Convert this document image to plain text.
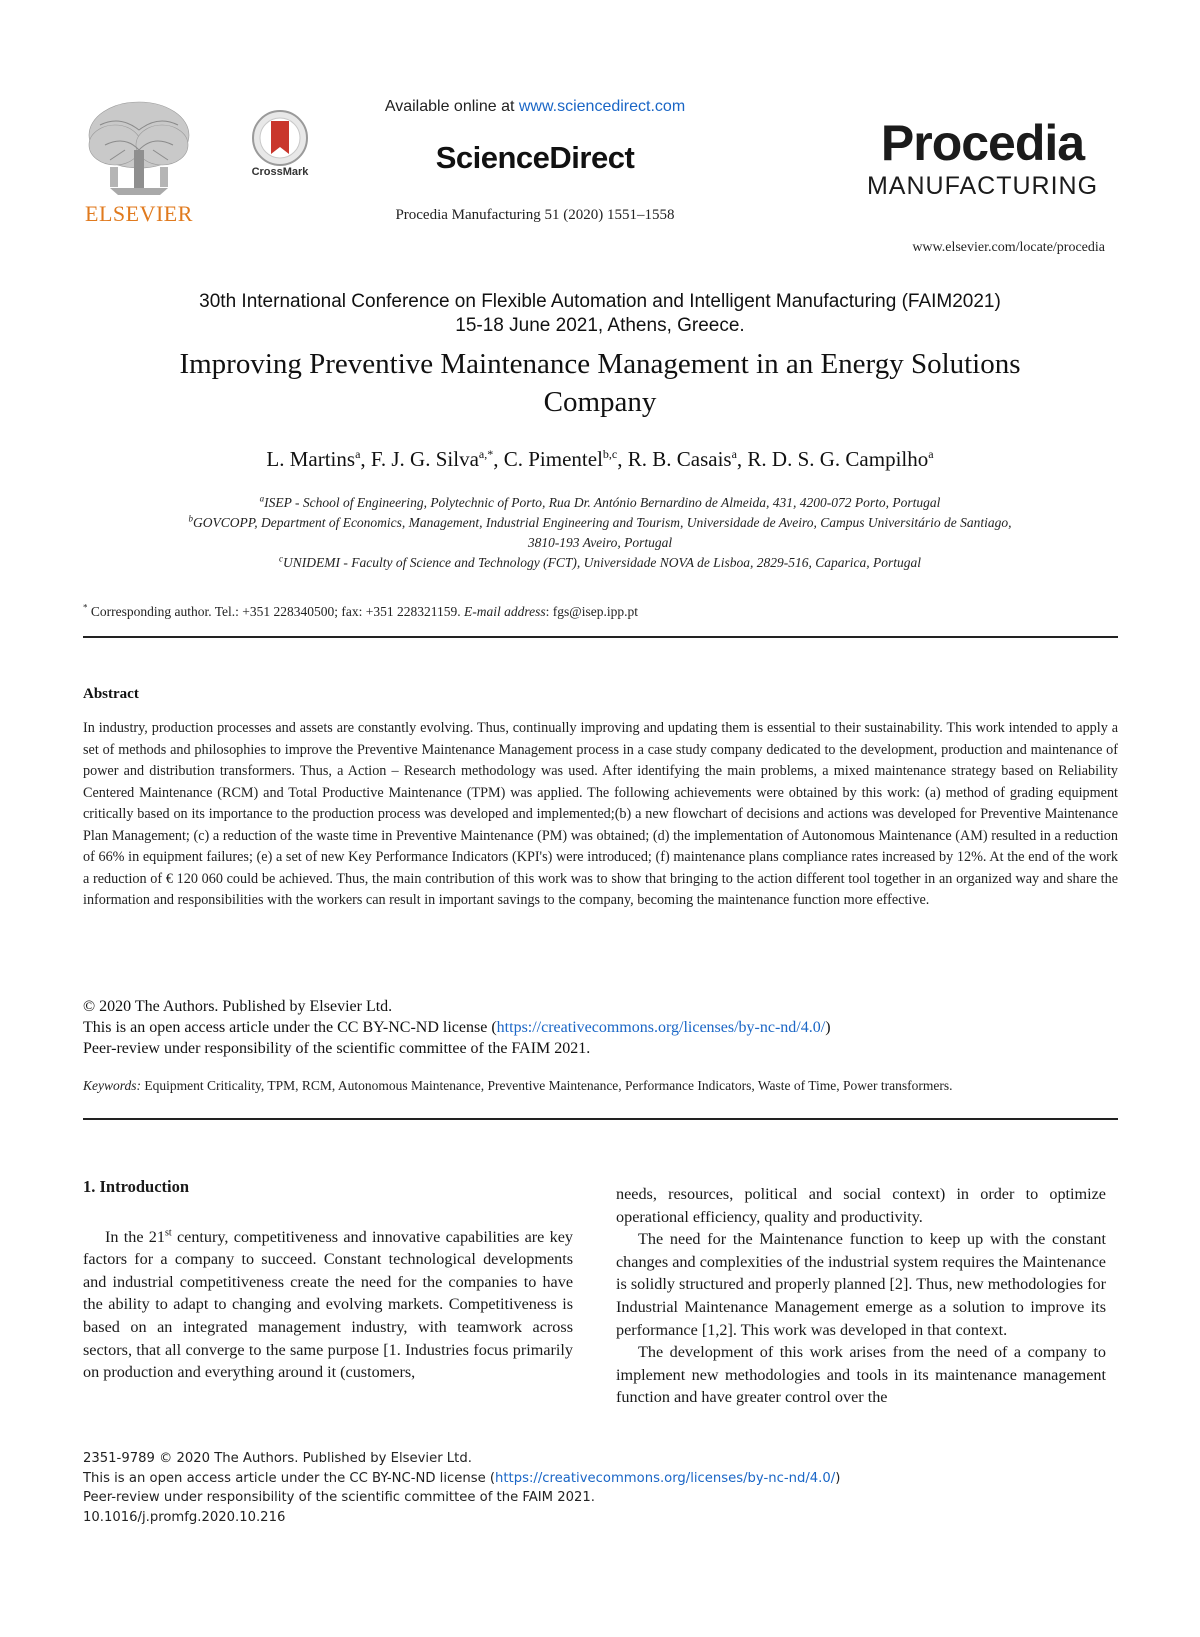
ELSEVIER
CrossMark
Available online at www.sciencedirect.com
ScienceDirect
Procedia Manufacturing 51 (2020) 1551–1558
Procedia
MANUFACTURING
www.elsevier.com/locate/procedia
30th International Conference on Flexible Automation and Intelligent Manufacturing (FAIM2021)
15-18 June 2021, Athens, Greece.
Improving Preventive Maintenance Management in an Energy Solutions
Company
L. Martins$^a$, F. J. G. Silva$^{a,*}$, C. Pimentel$^{b,c}$, R. B. Casais$^a$, R. D. S. G. Campilho$^a$
$^a$ISEP - School of Engineering, Polytechnic of Porto, Rua Dr. António Bernardino de Almeida, 431, 4200-072 Porto, Portugal
$^b$GOVCOPP, Department of Economics, Management, Industrial Engineering and Tourism, Universidade de Aveiro, Campus Universitário de Santiago,
3810-193 Aveiro, Portugal
$^c$UNIDEMI - Faculty of Science and Technology (FCT), Universidade NOVA de Lisboa, 2829-516, Caparica, Portugal
* Corresponding author. Tel.: +351 228340500; fax: +351 228321159. E-mail address: fgs@isep.ipp.pt
Abstract
In industry, production processes and assets are constantly evolving. Thus, continually improving and updating them is essential to their sustainability. This work intended to apply a set of methods and philosophies to improve the Preventive Maintenance Management process in a case study company dedicated to the development, production and maintenance of power and distribution transformers. Thus, a Action – Research methodology was used. After identifying the main problems, a mixed maintenance strategy based on Reliability Centered Maintenance (RCM) and Total Productive Maintenance (TPM) was applied. The following achievements were obtained by this work: (a) method of grading equipment critically based on its importance to the production process was developed and implemented;(b) a new flowchart of decisions and actions was developed for Preventive Maintenance Plan Management; (c) a reduction of the waste time in Preventive Maintenance (PM) was obtained; (d) the implementation of Autonomous Maintenance (AM) resulted in a reduction of 66% in equipment failures; (e) a set of new Key Performance Indicators (KPI's) were introduced; (f) maintenance plans compliance rates increased by 12%. At the end of the work a reduction of € 120 060 could be achieved. Thus, the main contribution of this work was to show that bringing to the action different tool together in an organized way and share the information and responsibilities with the workers can result in important savings to the company, becoming the maintenance function more effective.
© 2020 The Authors. Published by Elsevier Ltd.
This is an open access article under the CC BY-NC-ND license (https://creativecommons.org/licenses/by-nc-nd/4.0/)
Peer-review under responsibility of the scientific committee of the FAIM 2021.
Keywords: Equipment Criticality, TPM, RCM, Autonomous Maintenance, Preventive Maintenance, Performance Indicators, Waste of Time, Power transformers.

1. Introduction

In the 21st century, competitiveness and innovative capabilities are key factors for a company to succeed. Constant technological developments and industrial competitiveness create the need for the companies to have the ability to adapt to changing and evolving markets. Competitiveness is based on an integrated management industry, with teamwork across sectors, that all converge to the same purpose [1. Industries focus primarily on production and everything around it (customers,

needs, resources, political and social context) in order to optimize operational efficiency, quality and productivity.

The need for the Maintenance function to keep up with the constant changes and complexities of the industrial system requires the Maintenance is solidly structured and properly planned [2]. Thus, new methodologies for Industrial Maintenance Management emerge as a solution to improve its performance [1,2]. This work was developed in that context.

The development of this work arises from the need of a company to implement new methodologies and tools in its maintenance management function and have greater control over the

2351-9789 © 2020 The Authors. Published by Elsevier Ltd.
This is an open access article under the CC BY-NC-ND license (https://creativecommons.org/licenses/by-nc-nd/4.0/)
Peer-review under responsibility of the scientific committee of the FAIM 2021.
10.1016/j.promfg.2020.10.216
